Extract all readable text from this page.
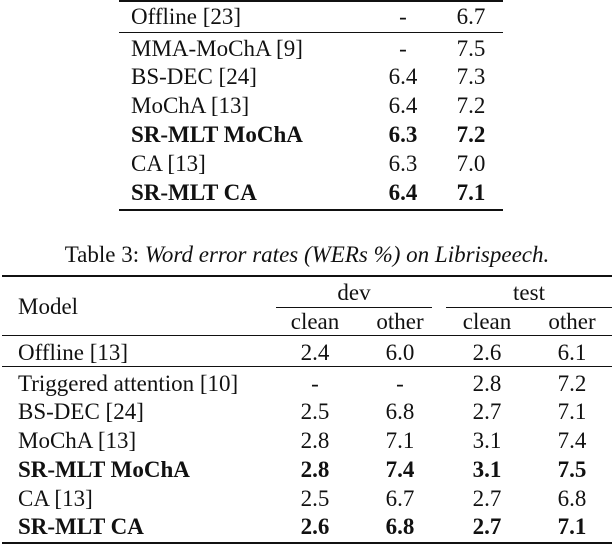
Offline [23]	-	6.7
MMA-MoChA [9]	-	7.5
BS-DEC [24]	6.4	7.3
MoChA [13]	6.4	7.2
SR-MLT MoChA	6.3	7.2
CA [13]	6.3	7.0
SR-MLT CA	6.4	7.1
Table 3: Word error rates (WERs %) on Librispeech.
Model
dev	test
clean	other	clean	other
Offline [13]	2.4	6.0	2.6	6.1
Triggered attention [10]	-	-	2.8	7.2
BS-DEC [24]	2.5	6.8	2.7	7.1
MoChA [13]	2.8	7.1	3.1	7.4
SR-MLT MoChA	2.8	7.4	3.1	7.5
CA [13]	2.5	6.7	2.7	6.8
SR-MLT CA	2.6	6.8	2.7	7.1
